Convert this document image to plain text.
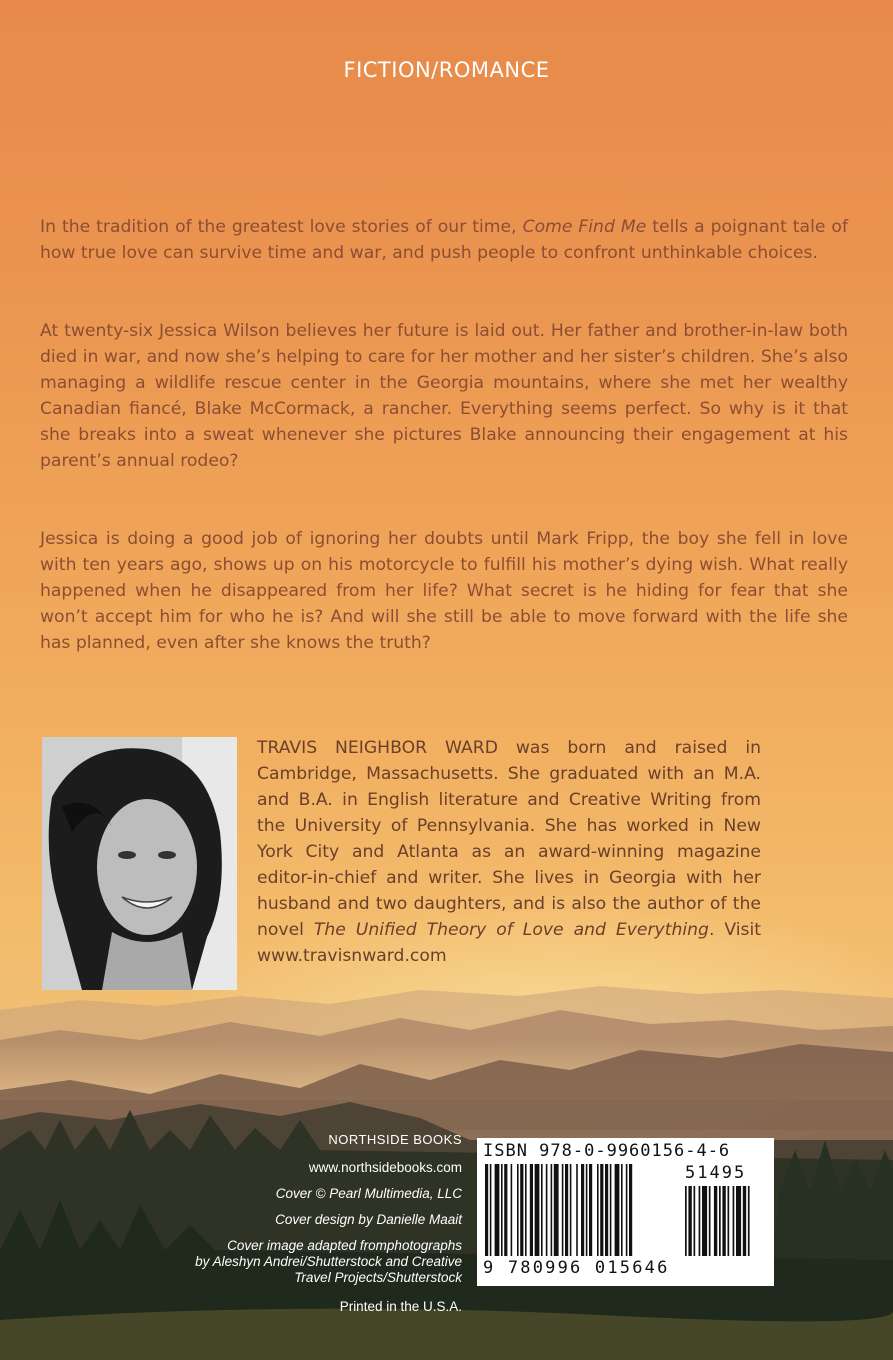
FICTION/ROMANCE

In the tradition of the greatest love stories of our time, Come Find Me tells a poignant tale of how true love can survive time and war, and push people to confront unthinkable choices.

At twenty-six Jessica Wilson believes her future is laid out. Her father and brother-in-law both died in war, and now she’s helping to care for her mother and her sister’s children. She’s also managing a wildlife rescue center in the Georgia mountains, where she met her wealthy Canadian fiancé, Blake McCormack, a rancher. Everything seems perfect. So why is it that she breaks into a sweat whenever she pictures Blake announcing their engagement at his parent’s annual rodeo?

Jessica is doing a good job of ignoring her doubts until Mark Fripp, the boy she fell in love with ten years ago, shows up on his motorcycle to fulfill his mother’s dying wish. What really happened when he disappeared from her life? What secret is he hiding for fear that she won’t accept him for who he is? And will she still be able to move forward with the life she has planned, even after she knows the truth?

TRAVIS NEIGHBOR WARD was born and raised in Cambridge, Massachusetts. She graduated with an M.A. and B.A. in English literature and Creative Writing from the University of Pennsylvania. She has worked in New York City and Atlanta as an award-winning magazine editor-in-chief and writer. She lives in Georgia with her husband and two daughters, and is also the author of the novel The Unified Theory of Love and Everything. Visit www.travisnward.com

NORTHSIDE BOOKS
www.northsidebooks.com
Cover © Pearl Multimedia, LLC
Cover design by Danielle Maait
Cover image adapted fromphotographs
by Aleshyn Andrei/Shutterstock and Creative
Travel Projects/Shutterstock
Printed in the U.S.A.
ISBN 978-0-9960156-4-6
51495
9 780996 015646
